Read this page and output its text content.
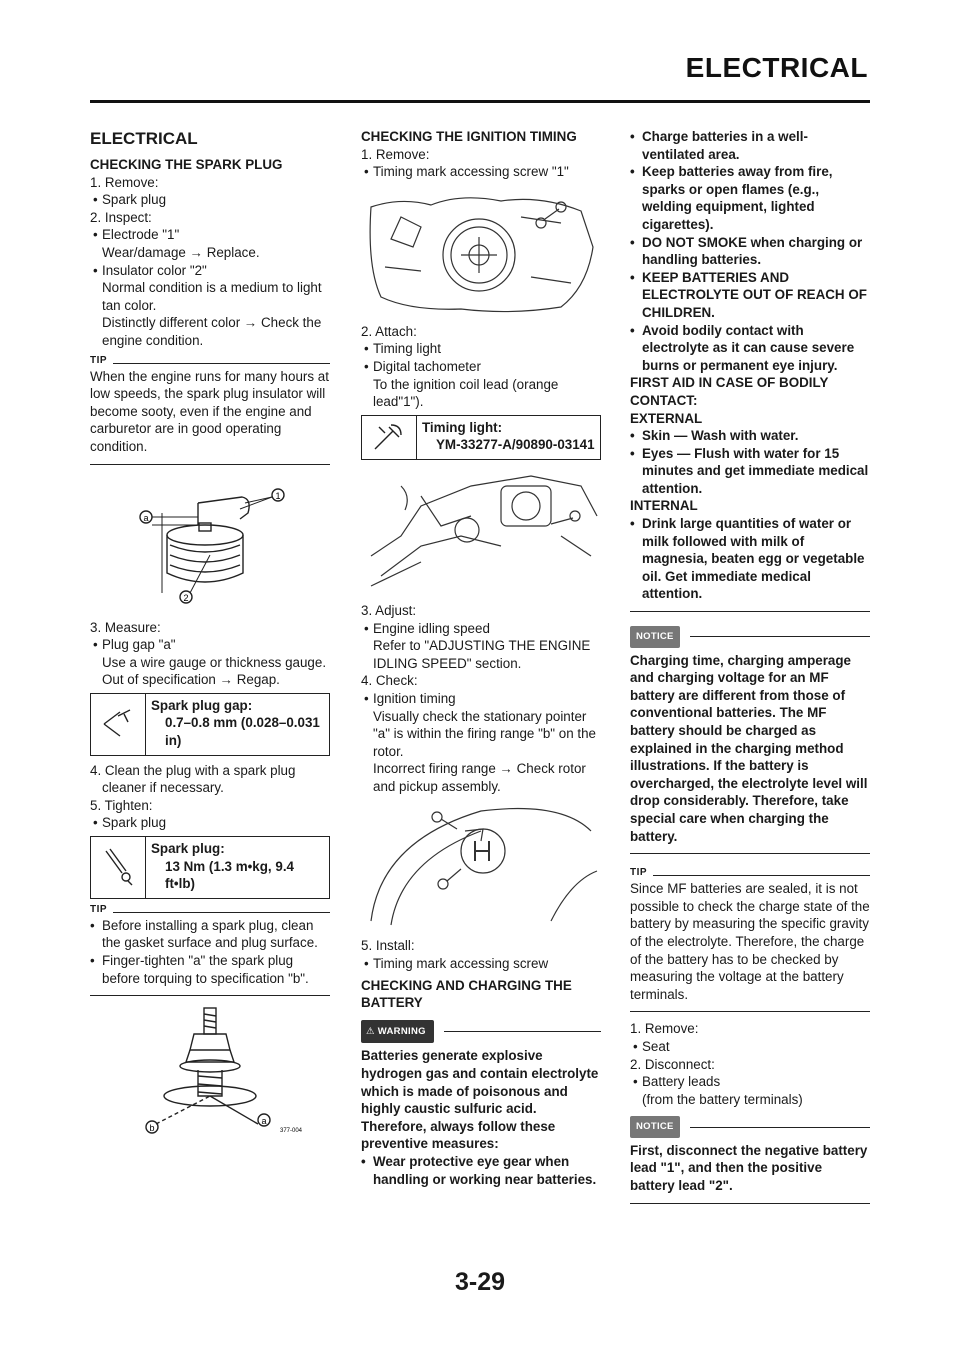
ELECTRICAL
ELECTRICAL
CHECKING THE SPARK PLUG
1. Remove:
• Spark plug
2. Inspect:
• Electrode "1"
Wear/damage → Replace.
• Insulator color "2"
Normal condition is a medium to light tan color.
Distinctly different color → Check the engine condition.
TIP
When the engine runs for many hours at low speeds, the spark plug insulator will become sooty, even if the engine and carburetor are in good operating condition.
a
1
2
3. Measure:
• Plug gap "a"
Use a wire gauge or thickness gauge.
Out of specification → Regap.
Spark plug gap:
0.7–0.8 mm (0.028–0.031 in)
4. Clean the plug with a spark plug cleaner if necessary.
5. Tighten:
• Spark plug
Spark plug:
13 Nm (1.3 m•kg, 9.4 ft•lb)
TIP
• Before installing a spark plug, clean the gasket surface and plug surface.
• Finger-tighten "a" the spark plug before torquing to specification "b".
b
a
377-004
CHECKING THE IGNITION TIMING
1. Remove:
• Timing mark accessing screw "1"
2. Attach:
• Timing light
• Digital tachometer
To the ignition coil lead (orange lead"1").
Timing light:
YM-33277-A/90890-03141
3. Adjust:
• Engine idling speed
Refer to "ADJUSTING THE ENGINE IDLING SPEED" section.
4. Check:
• Ignition timing
Visually check the stationary pointer "a" is within the firing range "b" on the rotor.
Incorrect firing range → Check rotor and pickup assembly.
5. Install:
• Timing mark accessing screw
CHECKING AND CHARGING THE BATTERY
⚠ WARNING
Batteries generate explosive hydrogen gas and contain electrolyte which is made of poisonous and highly caustic sulfuric acid. Therefore, always follow these preventive measures:
• Wear protective eye gear when handling or working near batteries.
• Charge batteries in a well-ventilated area.
• Keep batteries away from fire, sparks or open flames (e.g., welding equipment, lighted cigarettes).
• DO NOT SMOKE when charging or handling batteries.
• KEEP BATTERIES AND ELECTROLYTE OUT OF REACH OF CHILDREN.
• Avoid bodily contact with electrolyte as it can cause severe burns or permanent eye injury.
FIRST AID IN CASE OF BODILY CONTACT:
EXTERNAL
• Skin — Wash with water.
• Eyes — Flush with water for 15 minutes and get immediate medical attention.
INTERNAL
• Drink large quantities of water or milk followed with milk of magnesia, beaten egg or vegetable oil. Get immediate medical attention.
NOTICE
Charging time, charging amperage and charging voltage for an MF battery are different from those of conventional batteries. The MF battery should be charged as explained in the charging method illustrations. If the battery is overcharged, the electrolyte level will drop considerably. Therefore, take special care when charging the battery.
TIP
Since MF batteries are sealed, it is not possible to check the charge state of the battery by measuring the specific gravity of the electrolyte. Therefore, the charge of the battery has to be checked by measuring the voltage at the battery terminals.
1. Remove:
• Seat
2. Disconnect:
• Battery leads
(from the battery terminals)
NOTICE
First, disconnect the negative battery lead "1", and then the positive battery lead "2".
3-29
